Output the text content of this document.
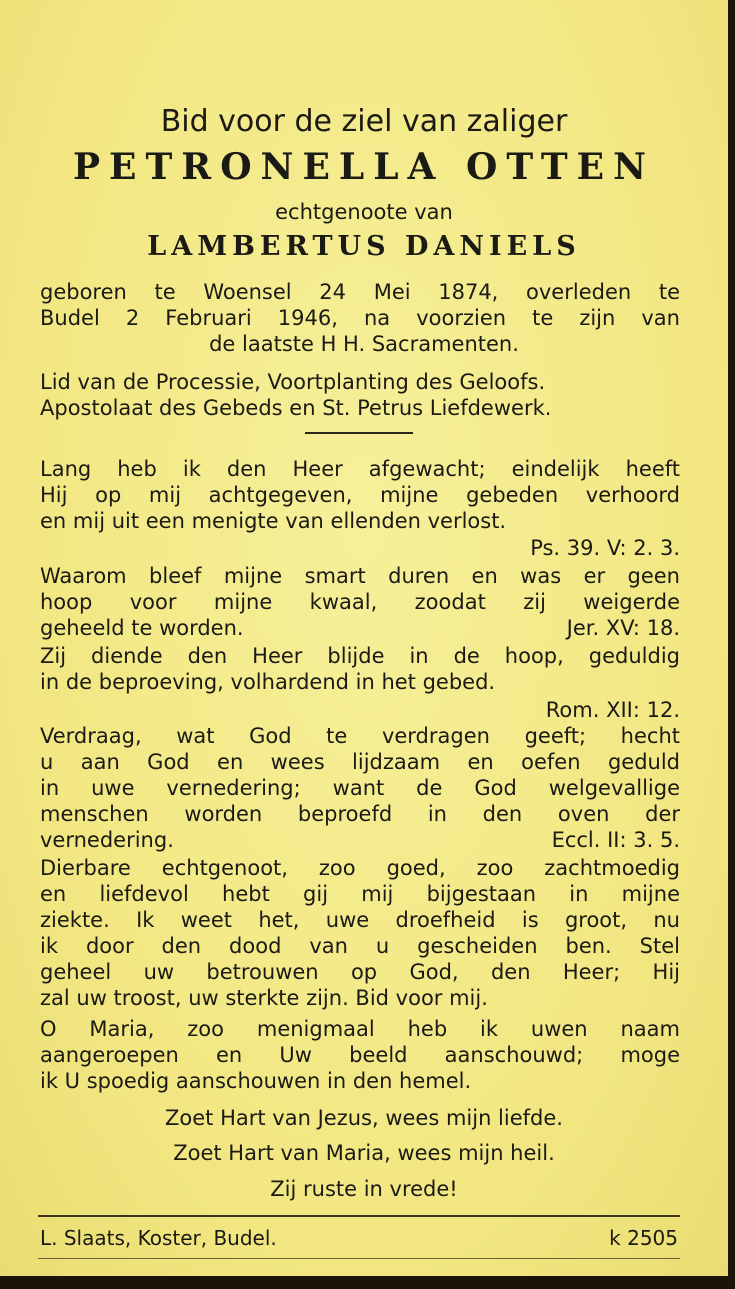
Bid voor de ziel van zaliger
PETRONELLA OTTEN
echtgenoote van
LAMBERTUS DANIELS
geboren te Woensel 24 Mei 1874, overleden te
Budel 2 Februari 1946, na voorzien te zijn van
de laatste H H. Sacramenten.
Lid van de Processie, Voortplanting des Geloofs.
Apostolaat des Gebeds en St. Petrus Liefdewerk.
Lang heb ik den Heer afgewacht; eindelijk heeft
Hij op mij achtgegeven, mijne gebeden verhoord
en mij uit een menigte van ellenden verlost.
Ps. 39. V: 2. 3.
Waarom bleef mijne smart duren en was er geen
hoop voor mijne kwaal, zoodat zij weigerde
geheeld te worden.	Jer. XV: 18.
Zij diende den Heer blijde in de hoop, geduldig
in de beproeving, volhardend in het gebed.
Rom. XII: 12.
Verdraag, wat God te verdragen geeft; hecht
u aan God en wees lijdzaam en oefen geduld
in uwe vernedering; want de God welgevallige
menschen worden beproefd in den oven der
vernedering.	Eccl. II: 3. 5.
Dierbare echtgenoot, zoo goed, zoo zachtmoedig
en liefdevol hebt gij mij bijgestaan in mijne
ziekte. Ik weet het, uwe droefheid is groot, nu
ik door den dood van u gescheiden ben. Stel
geheel uw betrouwen op God, den Heer; Hij
zal uw troost, uw sterkte zijn. Bid voor mij.
O Maria, zoo menigmaal heb ik uwen naam
aangeroepen en Uw beeld aanschouwd; moge
ik U spoedig aanschouwen in den hemel.
Zoet Hart van Jezus, wees mijn liefde.
Zoet Hart van Maria, wees mijn heil.
Zij ruste in vrede!
L. Slaats, Koster, Budel.	k 2505
